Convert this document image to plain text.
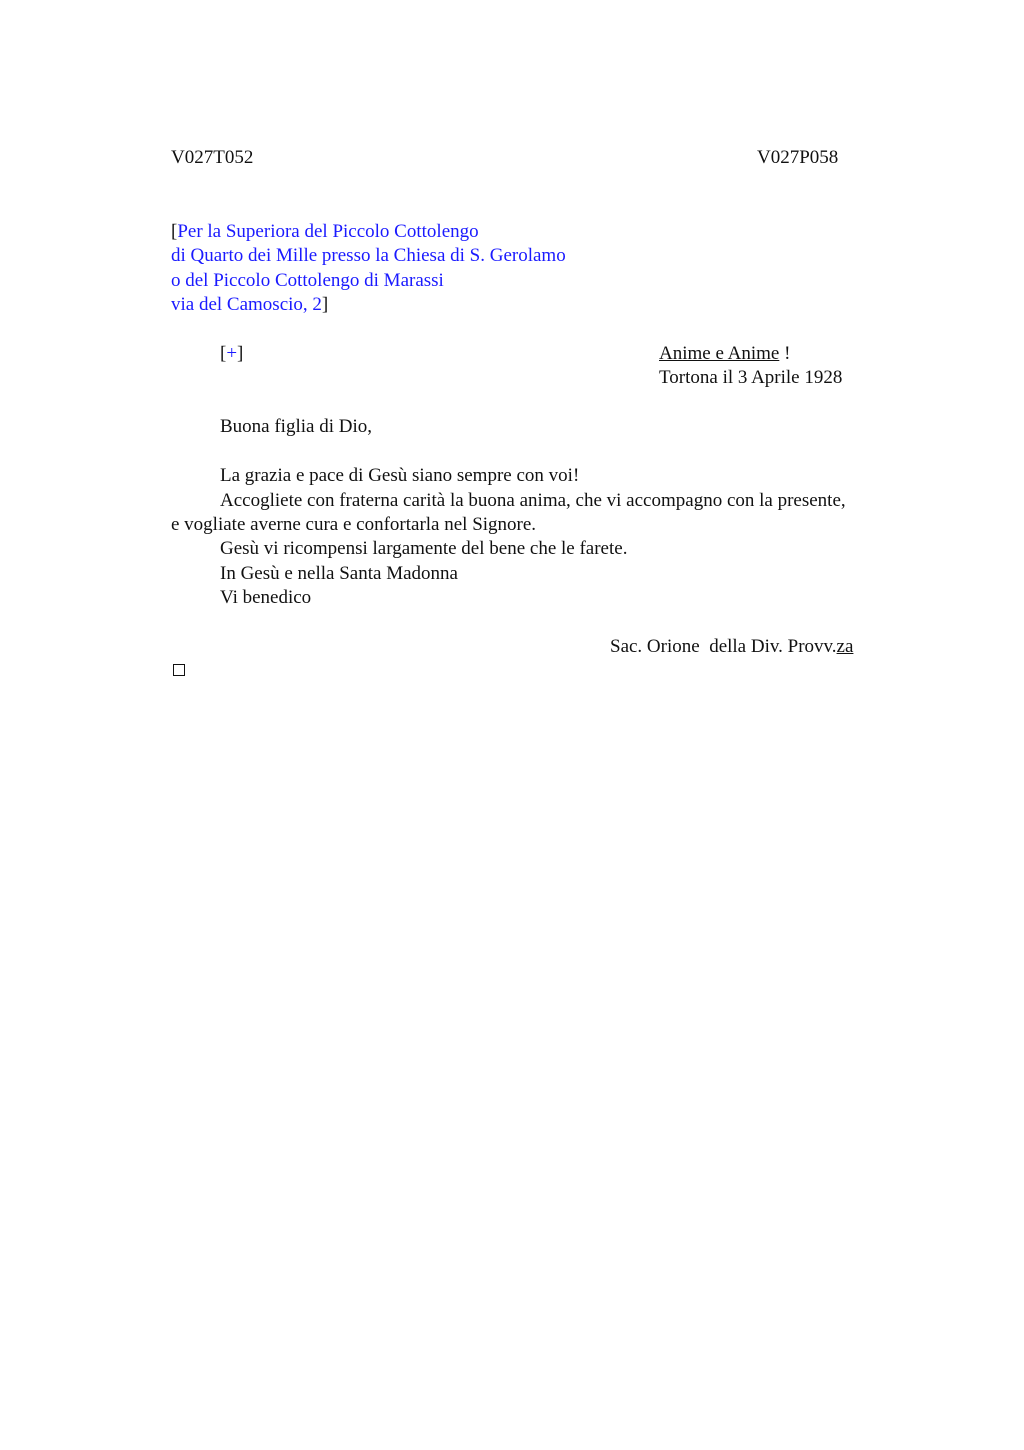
V027T052	V027P058
[Per la Superiora del Piccolo Cottolengo
di Quarto dei Mille presso la Chiesa di S. Gerolamo
o del Piccolo Cottolengo di Marassi
via del Camoscio, 2]
[+]	Anime e Anime !
Tortona il 3 Aprile 1928
Buona figlia di Dio,
La grazia e pace di Gesù siano sempre con voi!
Accogliete con fraterna carità la buona anima, che vi accompagno con la presente,
e vogliate averne cura e confortarla nel Signore.
Gesù vi ricompensi largamente del bene che le farete.
In Gesù e nella Santa Madonna
Vi benedico
Sac. Orione  della Div. Provv.za
